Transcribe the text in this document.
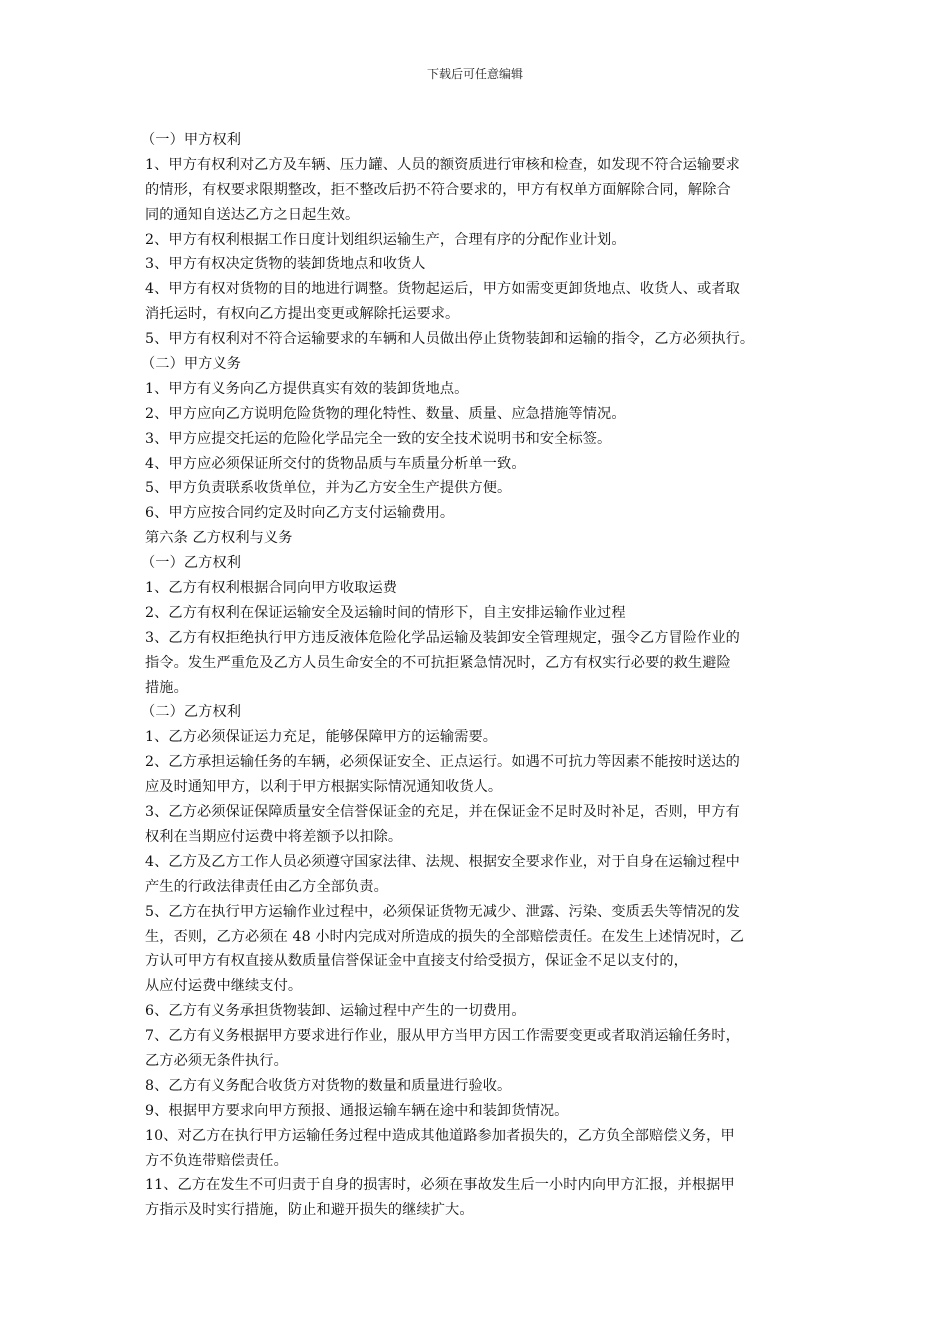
下载后可任意编辑

（一）甲方权利

1、甲方有权利对乙方及车辆、压力罐、人员的额资质进行审核和检查，如发现不符合运输要求

的情形，有权要求限期整改，拒不整改后扔不符合要求的，甲方有权单方面解除合同，解除合

同的通知自送达乙方之日起生效。

2、甲方有权利根据工作日度计划组织运输生产，合理有序的分配作业计划。

3、甲方有权决定货物的装卸货地点和收货人

4、甲方有权对货物的目的地进行调整。货物起运后，甲方如需变更卸货地点、收货人、或者取

消托运时，有权向乙方提出变更或解除托运要求。

5、甲方有权利对不符合运输要求的车辆和人员做出停止货物装卸和运输的指令，乙方必须执行。

（二）甲方义务

1、甲方有义务向乙方提供真实有效的装卸货地点。

2、甲方应向乙方说明危险货物的理化特性、数量、质量、应急措施等情况。

3、甲方应提交托运的危险化学品完全一致的安全技术说明书和安全标签。

4、甲方应必须保证所交付的货物品质与车质量分析单一致。

5、甲方负责联系收货单位，并为乙方安全生产提供方便。

6、甲方应按合同约定及时向乙方支付运输费用。

第六条 乙方权利与义务

（一）乙方权利

1、乙方有权利根据合同向甲方收取运费

2、乙方有权利在保证运输安全及运输时间的情形下，自主安排运输作业过程

3、乙方有权拒绝执行甲方违反液体危险化学品运输及装卸安全管理规定，强令乙方冒险作业的

指令。发生严重危及乙方人员生命安全的不可抗拒紧急情况时，乙方有权实行必要的救生避险

措施。

（二）乙方权利

1、乙方必须保证运力充足，能够保障甲方的运输需要。

2、乙方承担运输任务的车辆，必须保证安全、正点运行。如遇不可抗力等因素不能按时送达的

应及时通知甲方，以利于甲方根据实际情况通知收货人。

3、乙方必须保证保障质量安全信誉保证金的充足，并在保证金不足时及时补足，否则，甲方有

权利在当期应付运费中将差额予以扣除。

4、乙方及乙方工作人员必须遵守国家法律、法规、根据安全要求作业，对于自身在运输过程中

产生的行政法律责任由乙方全部负责。

5、乙方在执行甲方运输作业过程中，必须保证货物无减少、泄露、污染、变质丢失等情况的发

生，否则，乙方必须在 48 小时内完成对所造成的损失的全部赔偿责任。在发生上述情况时，乙

方认可甲方有权直接从数质量信誉保证金中直接支付给受损方，保证金不足以支付的，

从应付运费中继续支付。

6、乙方有义务承担货物装卸、运输过程中产生的一切费用。

7、乙方有义务根据甲方要求进行作业，服从甲方当甲方因工作需要变更或者取消运输任务时，

乙方必须无条件执行。

8、乙方有义务配合收货方对货物的数量和质量进行验收。

9、根据甲方要求向甲方预报、通报运输车辆在途中和装卸货情况。

10、对乙方在执行甲方运输任务过程中造成其他道路参加者损失的，乙方负全部赔偿义务，甲

方不负连带赔偿责任。

11、乙方在发生不可归责于自身的损害时，必须在事故发生后一小时内向甲方汇报，并根据甲

方指示及时实行措施，防止和避开损失的继续扩大。
